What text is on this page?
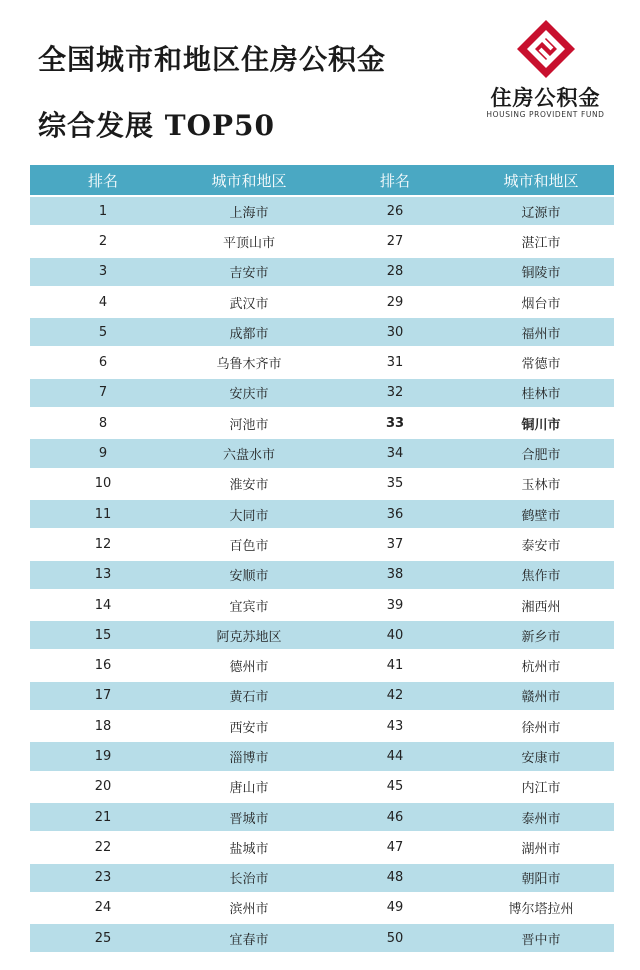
全国城市和地区住房公积金
综合发展 TOP50
住房公积金
HOUSING PROVIDENT FUND
排名	城市和地区	排名	城市和地区
1	上海市	26	辽源市
2	平顶山市	27	湛江市
3	吉安市	28	铜陵市
4	武汉市	29	烟台市
5	成都市	30	福州市
6	乌鲁木齐市	31	常德市
7	安庆市	32	桂林市
8	河池市	33	铜川市
9	六盘水市	34	合肥市
10	淮安市	35	玉林市
11	大同市	36	鹤壁市
12	百色市	37	泰安市
13	安顺市	38	焦作市
14	宜宾市	39	湘西州
15	阿克苏地区	40	新乡市
16	德州市	41	杭州市
17	黄石市	42	赣州市
18	西安市	43	徐州市
19	淄博市	44	安康市
20	唐山市	45	内江市
21	晋城市	46	泰州市
22	盐城市	47	湖州市
23	长治市	48	朝阳市
24	滨州市	49	博尔塔拉州
25	宜春市	50	晋中市
